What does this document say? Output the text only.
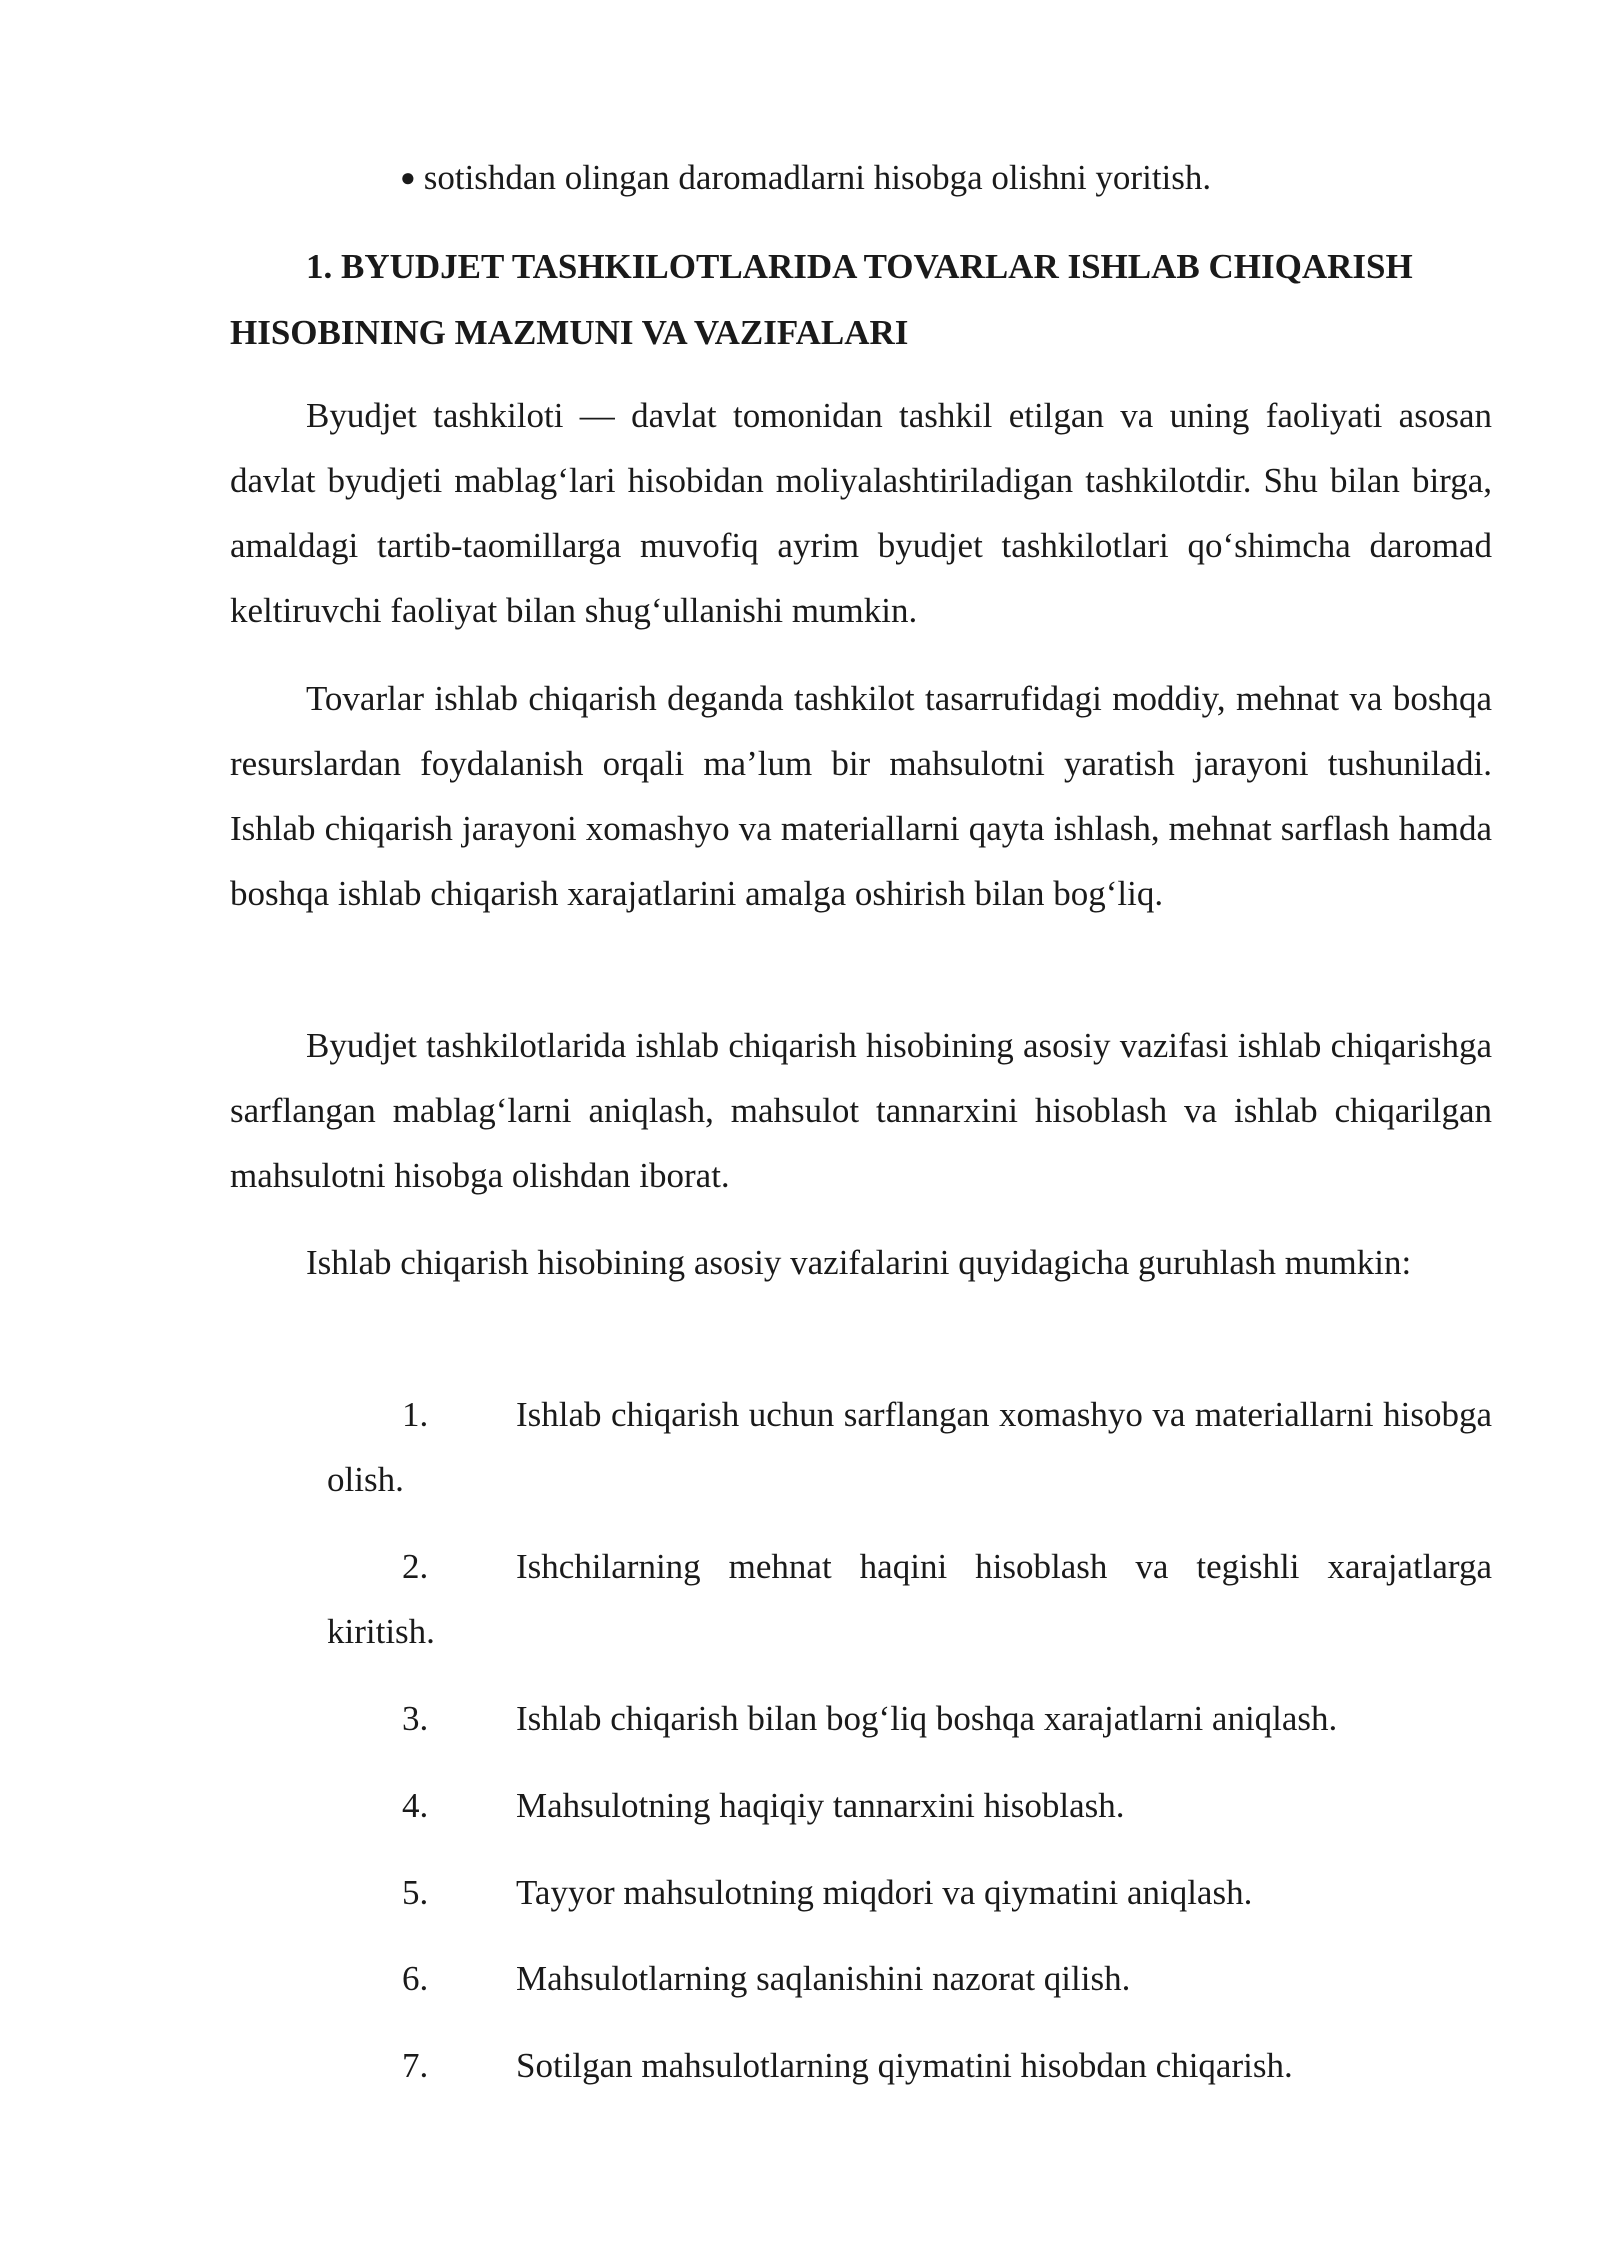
● sotishdan olingan daromadlarni hisobga olishni yoritish.
1. BYUDJET TASHKILOTLARIDA TOVARLAR ISHLAB CHIQARISH HISOBINING MAZMUNI VA VAZIFALARI

Byudjet tashkiloti — davlat tomonidan tashkil etilgan va uning faoliyati asosan davlat byudjeti mablag‘lari hisobidan moliyalashtiriladigan tashkilotdir. Shu bilan birga, amaldagi tartib-taomillarga muvofiq ayrim byudjet tashkilotlari qo‘shimcha daromad keltiruvchi faoliyat bilan shug‘ullanishi mumkin.

Tovarlar ishlab chiqarish deganda tashkilot tasarrufidagi moddiy, mehnat va boshqa resurslardan foydalanish orqali ma’lum bir mahsulotni yaratish jarayoni tushuniladi. Ishlab chiqarish jarayoni xomashyo va materiallarni qayta ishlash, mehnat sarflash hamda boshqa ishlab chiqarish xarajatlarini amalga oshirish bilan bog‘liq.

Byudjet tashkilotlarida ishlab chiqarish hisobining asosiy vazifasi ishlab chiqarishga sarflangan mablag‘larni aniqlash, mahsulot tannarxini hisoblash va ishlab chiqarilgan mahsulotni hisobga olishdan iborat.

Ishlab chiqarish hisobining asosiy vazifalarini quyidagicha guruhlash mumkin:

1.	Ishlab chiqarish uchun sarflangan xomashyo va materiallarni hisobga olish.
2.	Ishchilarning mehnat haqini hisoblash va tegishli xarajatlarga kiritish.
3.	Ishlab chiqarish bilan bog‘liq boshqa xarajatlarni aniqlash.
4.	Mahsulotning haqiqiy tannarxini hisoblash.
5.	Tayyor mahsulotning miqdori va qiymatini aniqlash.
6.	Mahsulotlarning saqlanishini nazorat qilish.
7.	Sotilgan mahsulotlarning qiymatini hisobdan chiqarish.
